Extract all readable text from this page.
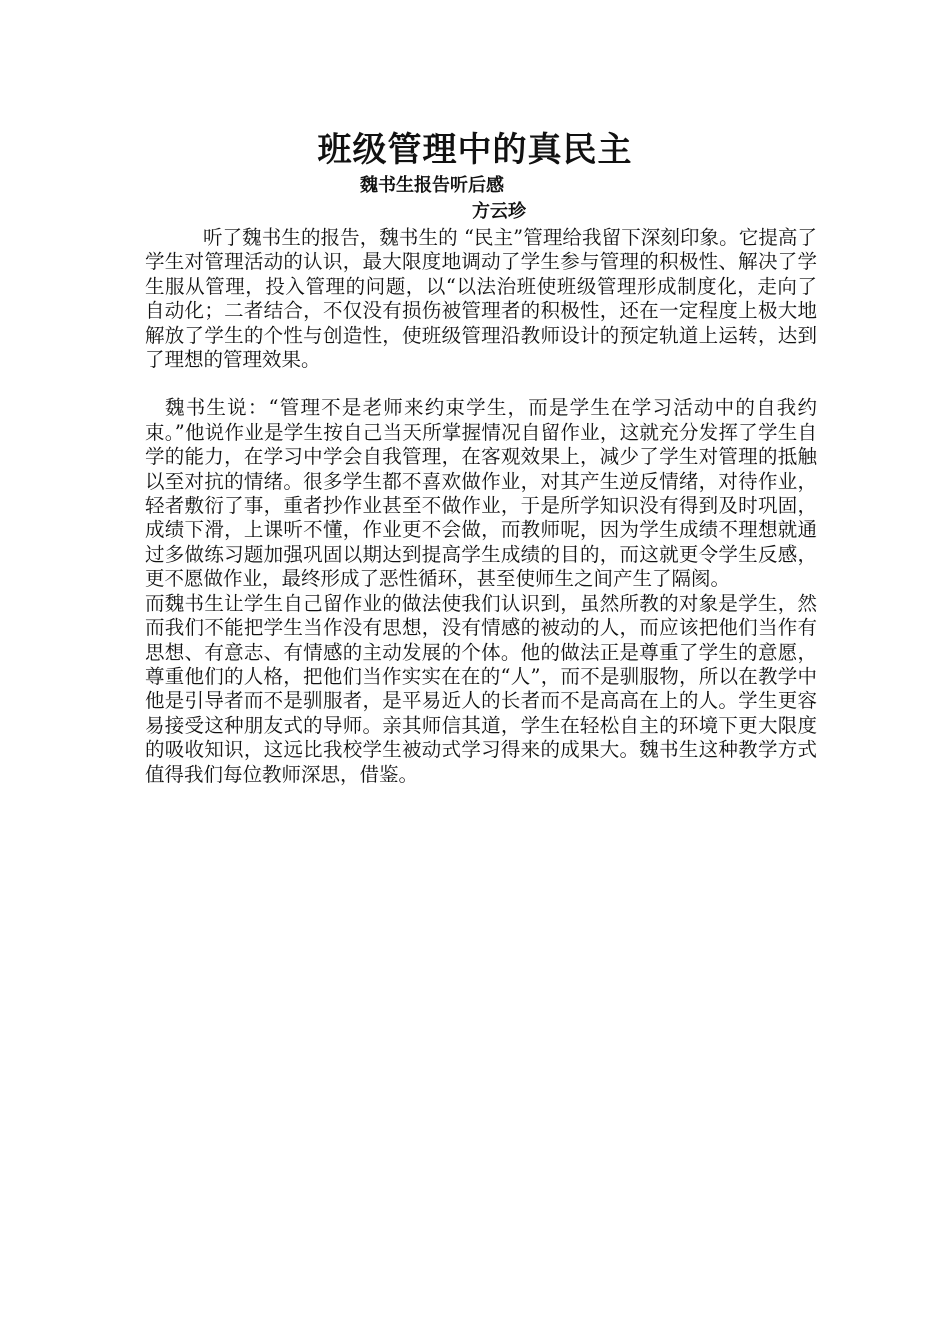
班级管理中的真民主
魏书生报告听后感
方云珍

听了魏书生的报告，魏书生的 “民主”管理给我留下深刻印象。它提高了学生对管理活动的认识，最大限度地调动了学生参与管理的积极性、解决了学生服从管理，投入管理的问题，以“以法治班使班级管理形成制度化，走向了自动化；二者结合，不仅没有损伤被管理者的积极性，还在一定程度上极大地解放了学生的个性与创造性，使班级管理沿教师设计的预定轨道上运转，达到了理想的管理效果。

魏书生说：“管理不是老师来约束学生，而是学生在学习活动中的自我约束。”他说作业是学生按自己当天所掌握情况自留作业，这就充分发挥了学生自学的能力，在学习中学会自我管理，在客观效果上，减少了学生对管理的抵触以至对抗的情绪。很多学生都不喜欢做作业，对其产生逆反情绪，对待作业，轻者敷衍了事，重者抄作业甚至不做作业，于是所学知识没有得到及时巩固，成绩下滑，上课听不懂，作业更不会做，而教师呢，因为学生成绩不理想就通过多做练习题加强巩固以期达到提高学生成绩的目的，而这就更令学生反感，更不愿做作业，最终形成了恶性循环，甚至使师生之间产生了隔阂。

而魏书生让学生自己留作业的做法使我们认识到，虽然所教的对象是学生，然而我们不能把学生当作没有思想，没有情感的被动的人，而应该把他们当作有思想、有意志、有情感的主动发展的个体。他的做法正是尊重了学生的意愿，尊重他们的人格，把他们当作实实在在的“人”，而不是驯服物，所以在教学中他是引导者而不是驯服者，是平易近人的长者而不是高高在上的人。学生更容易接受这种朋友式的导师。亲其师信其道，学生在轻松自主的环境下更大限度的吸收知识，这远比我校学生被动式学习得来的成果大。魏书生这种教学方式值得我们每位教师深思，借鉴。
